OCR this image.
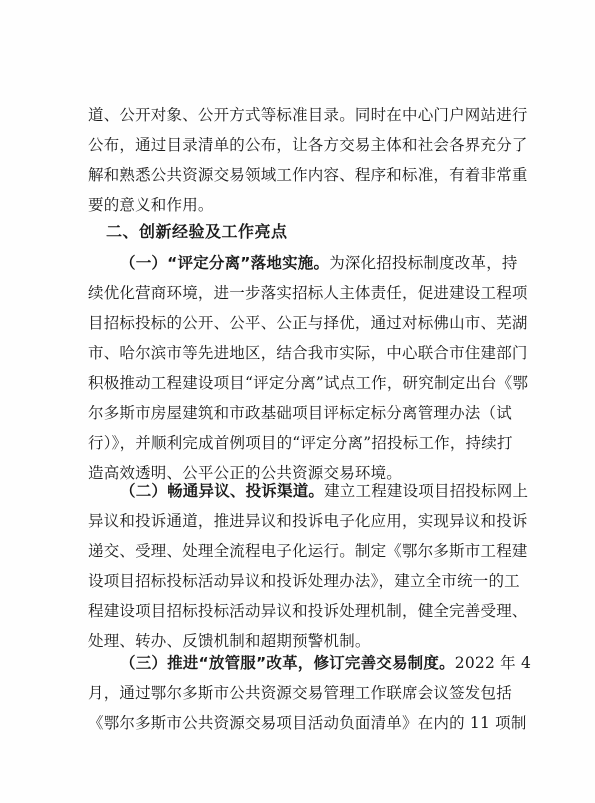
道、公开对象、公开方式等标准目录。同时在中心门户网站进行
公布，通过目录清单的公布，让各方交易主体和社会各界充分了
解和熟悉公共资源交易领域工作内容、程序和标准，有着非常重
要的意义和作用。
二、创新经验及工作亮点
（一）“评定分离”落地实施。为深化招投标制度改革，持
续优化营商环境，进一步落实招标人主体责任，促进建设工程项
目招标投标的公开、公平、公正与择优，通过对标佛山市、芜湖
市、哈尔滨市等先进地区，结合我市实际，中心联合市住建部门
积极推动工程建设项目“评定分离”试点工作，研究制定出台《鄂
尔多斯市房屋建筑和市政基础项目评标定标分离管理办法（试
行）》，并顺利完成首例项目的“评定分离”招投标工作，持续打
造高效透明、公平公正的公共资源交易环境。
（二）畅通异议、投诉渠道。建立工程建设项目招投标网上
异议和投诉通道，推进异议和投诉电子化应用，实现异议和投诉
递交、受理、处理全流程电子化运行。制定《鄂尔多斯市工程建
设项目招标投标活动异议和投诉处理办法》，建立全市统一的工
程建设项目招标投标活动异议和投诉处理机制，健全完善受理、
处理、转办、反馈机制和超期预警机制。
（三）推进“放管服”改革，修订完善交易制度。2022 年 4
月，通过鄂尔多斯市公共资源交易管理工作联席会议签发包括
《鄂尔多斯市公共资源交易项目活动负面清单》在内的 11 项制
